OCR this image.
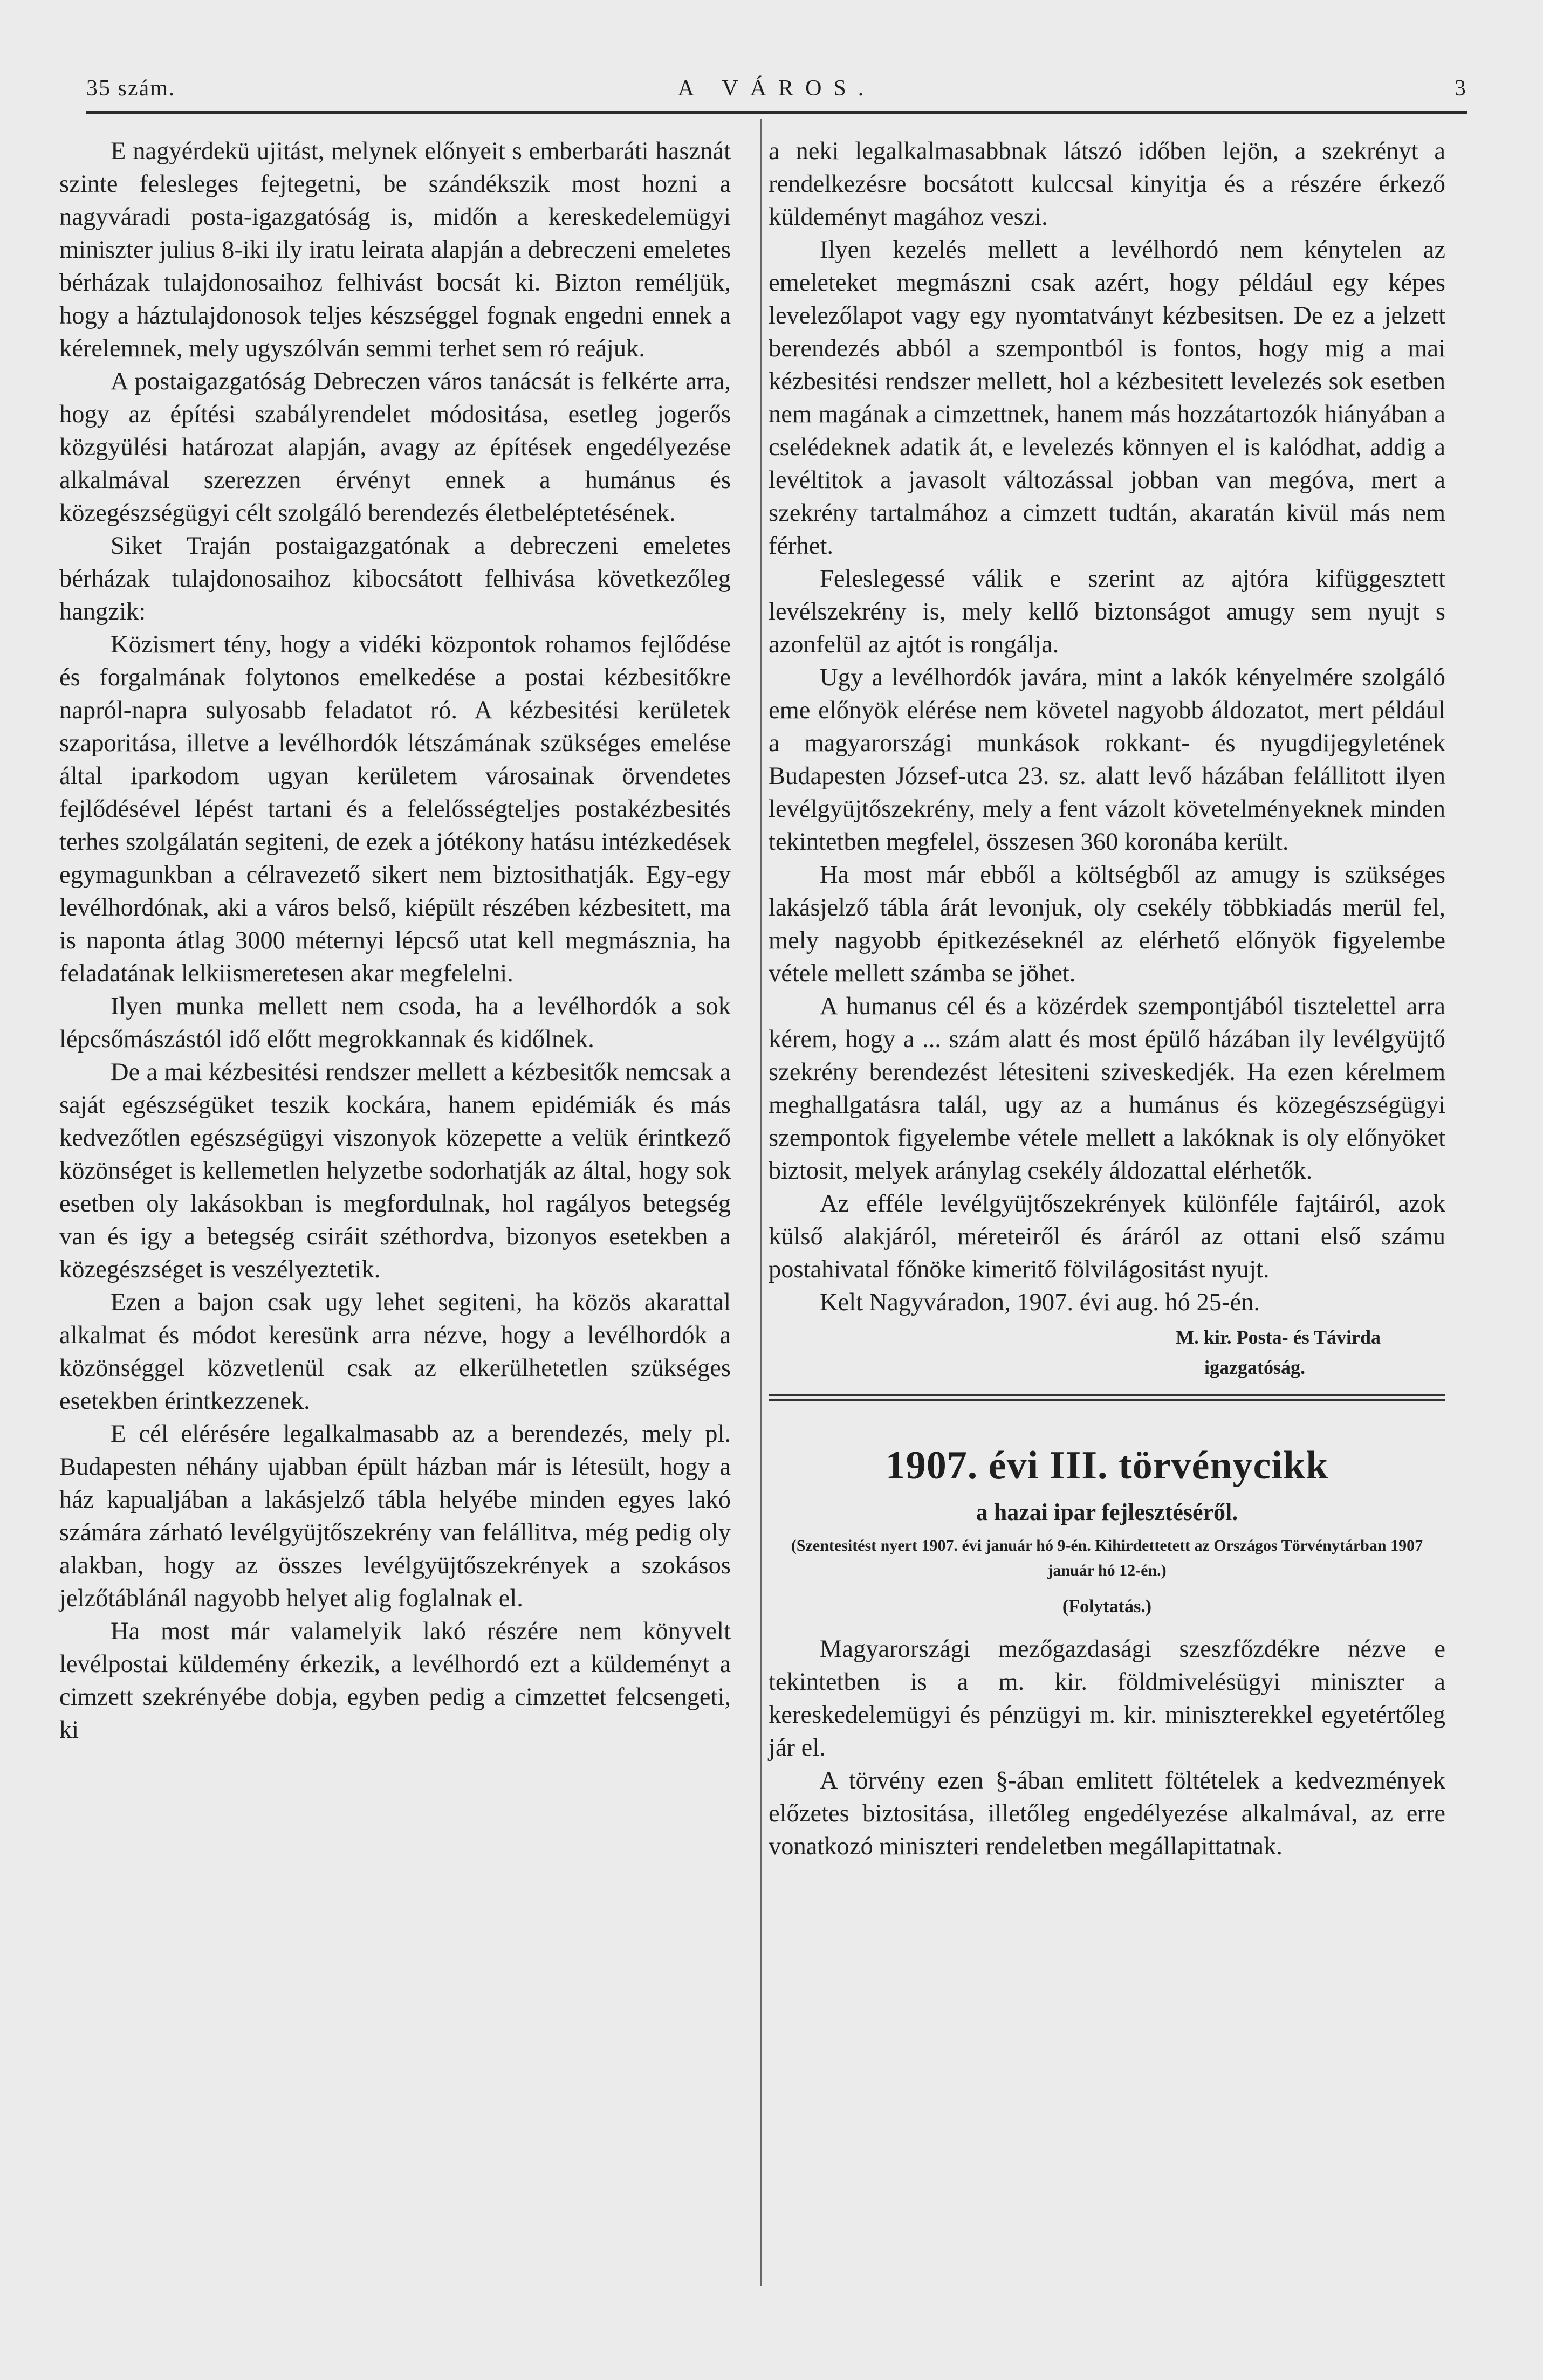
35 szám.	A VÁROS.	3

E nagyérdekü ujitást, melynek előnyeit s emberbaráti hasznát szinte felesleges fejtegetni, be szándékszik most hozni a nagyváradi posta-igazgatóság is, midőn a kereskedelemügyi miniszter julius 8-iki ily iratu leirata alapján a debreczeni emeletes bérházak tulajdonosaihoz felhivást bocsát ki. Bizton reméljük, hogy a háztulajdonosok teljes készséggel fognak engedni ennek a kérelemnek, mely ugyszólván semmi terhet sem ró reájuk.

A postaigazgatóság Debreczen város tanácsát is felkérte arra, hogy az építési szabályrendelet módositása, esetleg jogerős közgyülési határozat alapján, avagy az építések engedélyezése alkalmával szerezzen érvényt ennek a humánus és közegészségügyi célt szolgáló berendezés életbeléptetésének.

Siket Traján postaigazgatónak a debreczeni emeletes bérházak tulajdonosaihoz kibocsátott felhivása következőleg hangzik:

Közismert tény, hogy a vidéki központok rohamos fejlődése és forgalmának folytonos emelkedése a postai kézbesitőkre napról-napra sulyosabb feladatot ró. A kézbesitési kerületek szaporitása, illetve a levélhordók létszámának szükséges emelése által iparkodom ugyan kerületem városainak örvendetes fejlődésével lépést tartani és a felelősségteljes postakézbesités terhes szolgálatán segiteni, de ezek a jótékony hatásu intézkedések egymagunkban a célravezető sikert nem biztosithatják. Egy-egy levélhordónak, aki a város belső, kiépült részében kézbesitett, ma is naponta átlag 3000 méternyi lépcső utat kell megmásznia, ha feladatának lelkiismeretesen akar megfelelni.

Ilyen munka mellett nem csoda, ha a levélhordók a sok lépcsőmászástól idő előtt megrokkannak és kidőlnek.

De a mai kézbesitési rendszer mellett a kézbesitők nemcsak a saját egészségüket teszik kockára, hanem epidémiák és más kedvezőtlen egészségügyi viszonyok közepette a velük érintkező közönséget is kellemetlen helyzetbe sodorhatják az által, hogy sok esetben oly lakásokban is megfordulnak, hol ragályos betegség van és igy a betegség csiráit széthordva, bizonyos esetekben a közegészséget is veszélyeztetik.

Ezen a bajon csak ugy lehet segiteni, ha közös akarattal alkalmat és módot keresünk arra nézve, hogy a levélhordók a közönséggel közvetlenül csak az elkerülhetetlen szükséges esetekben érintkezzenek.

E cél elérésére legalkalmasabb az a berendezés, mely pl. Budapesten néhány ujabban épült házban már is létesült, hogy a ház kapualjában a lakásjelző tábla helyébe minden egyes lakó számára zárható levélgyüjtőszekrény van felállitva, még pedig oly alakban, hogy az összes levélgyüjtőszekrények a szokásos jelzőtáblánál nagyobb helyet alig foglalnak el.

Ha most már valamelyik lakó részére nem könyvelt levélpostai küldemény érkezik, a levélhordó ezt a küldeményt a cimzett szekrényébe dobja, egyben pedig a cimzettet felcsengeti, ki

a neki legalkalmasabbnak látszó időben lejön, a szekrényt a rendelkezésre bocsátott kulccsal kinyitja és a részére érkező küldeményt magához veszi.

Ilyen kezelés mellett a levélhordó nem kénytelen az emeleteket megmászni csak azért, hogy például egy képes levelezőlapot vagy egy nyomtatványt kézbesitsen. De ez a jelzett berendezés abból a szempontból is fontos, hogy mig a mai kézbesitési rendszer mellett, hol a kézbesitett levelezés sok esetben nem magának a cimzettnek, hanem más hozzátartozók hiányában a cselédeknek adatik át, e levelezés könnyen el is kalódhat, addig a levéltitok a javasolt változással jobban van megóva, mert a szekrény tartalmához a cimzett tudtán, akaratán kivül más nem férhet.

Feleslegessé válik e szerint az ajtóra kifüggesztett levélszekrény is, mely kellő biztonságot amugy sem nyujt s azonfelül az ajtót is rongálja.

Ugy a levélhordók javára, mint a lakók kényelmére szolgáló eme előnyök elérése nem követel nagyobb áldozatot, mert például a magyarországi munkások rokkant- és nyugdijegyletének Budapesten József-utca 23. sz. alatt levő házában felállitott ilyen levélgyüjtőszekrény, mely a fent vázolt követelményeknek minden tekintetben megfelel, összesen 360 koronába került.

Ha most már ebből a költségből az amugy is szükséges lakásjelző tábla árát levonjuk, oly csekély többkiadás merül fel, mely nagyobb épitkezéseknél az elérhető előnyök figyelembe vétele mellett számba se jöhet.

A humanus cél és a közérdek szempontjából tisztelettel arra kérem, hogy a ... szám alatt és most épülő házában ily levélgyüjtő szekrény berendezést létesiteni sziveskedjék. Ha ezen kérelmem meghallgatásra talál, ugy az a humánus és közegészségügyi szempontok figyelembe vétele mellett a lakóknak is oly előnyöket biztosit, melyek aránylag csekély áldozattal elérhetők.

Az efféle levélgyüjtőszekrények különféle fajtáiról, azok külső alakjáról, méreteiről és áráról az ottani első számu postahivatal főnöke kimeritő fölvilágositást nyujt.

Kelt Nagyváradon, 1907. évi aug. hó 25-én.

M. kir. Posta- és Távirda
igazgatóság.
1907. évi III. törvénycikk
a hazai ipar fejlesztéséről.
(Szentesitést nyert 1907. évi január hó 9-én. Kihirdettetett az Országos Törvénytárban 1907 január hó 12-én.)
(Folytatás.)

Magyarországi mezőgazdasági szeszfőzdékre nézve e tekintetben is a m. kir. földmivelésügyi miniszter a kereskedelemügyi és pénzügyi m. kir. miniszterekkel egyetértőleg jár el.

A törvény ezen §-ában emlitett föltételek a kedvezmények előzetes biztositása, illetőleg engedélyezése alkalmával, az erre vonatkozó miniszteri rendeletben megállapittatnak.
